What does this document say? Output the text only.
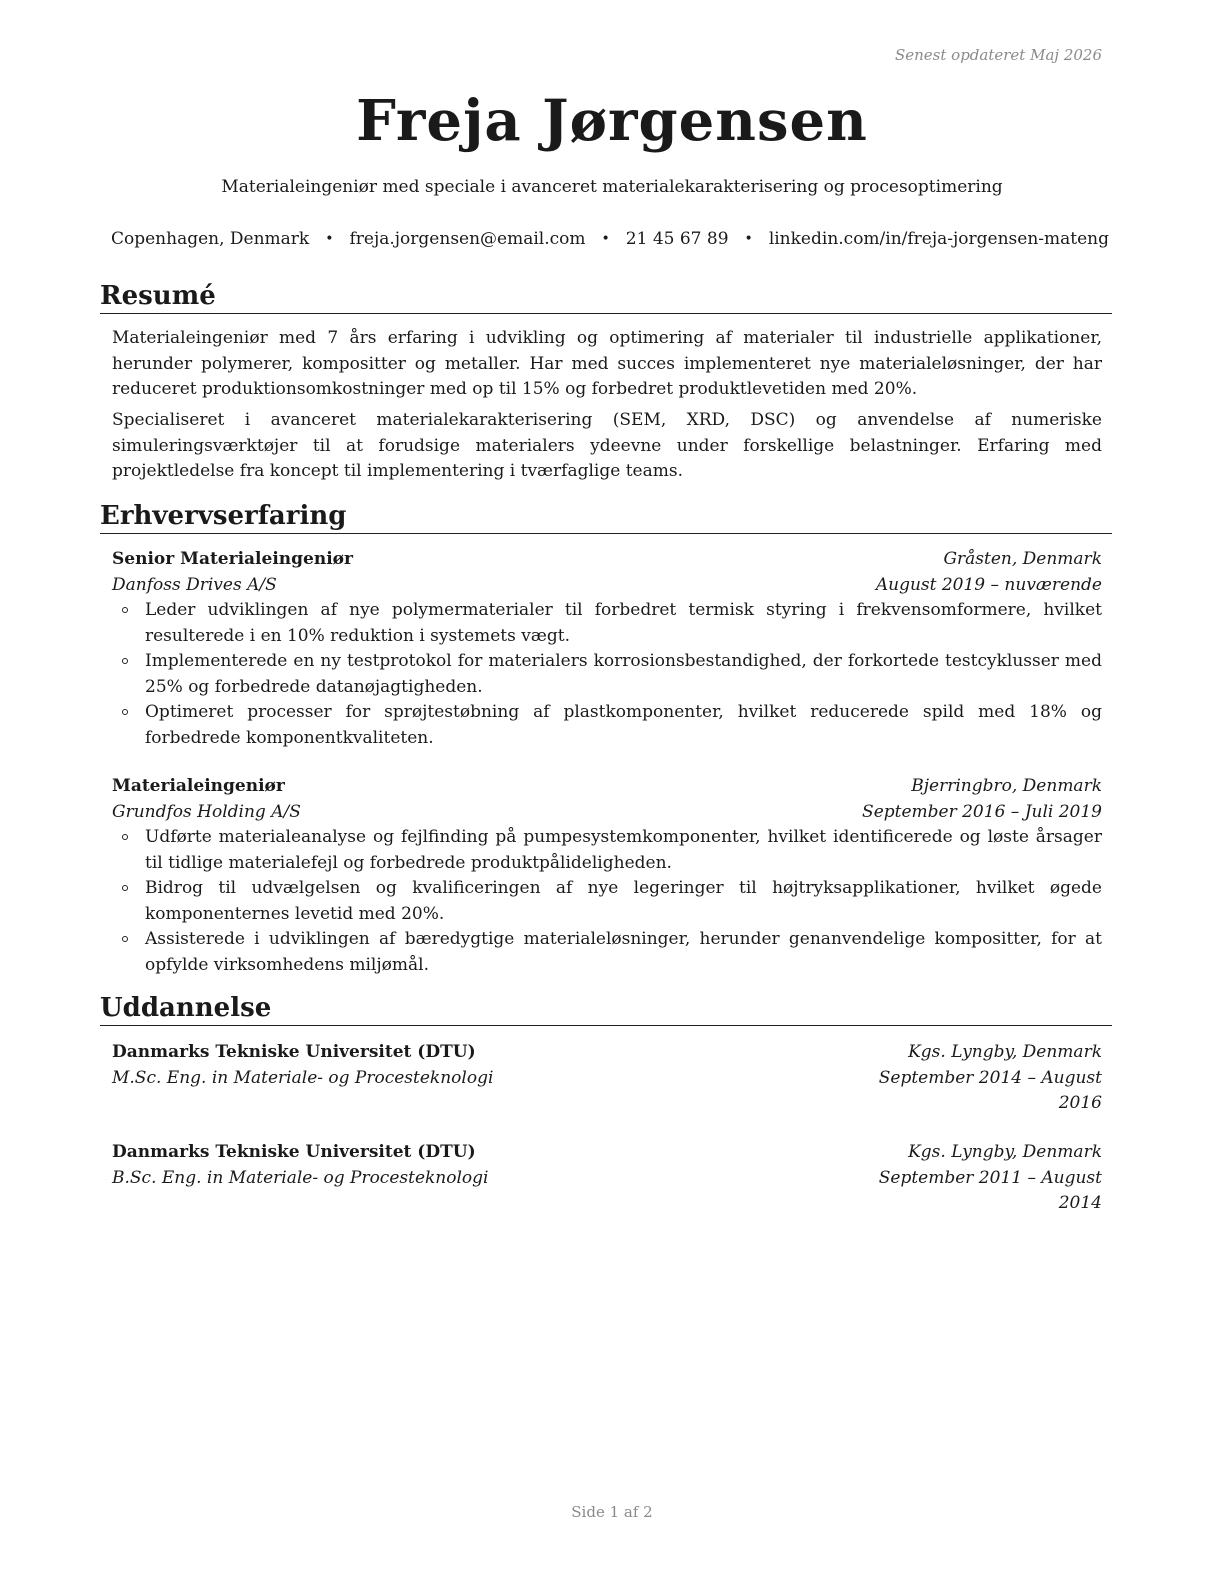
Senest opdateret Maj 2026
Freja Jørgensen
Materialeingeniør med speciale i avanceret materialekarakterisering og procesoptimering
Copenhagen, Denmark • freja.jorgensen@email.com • 21 45 67 89 • linkedin.com/in/freja-jorgensen-mateng
Resumé

Materialeingeniør med 7 års erfaring i udvikling og optimering af materialer til industrielle applikationer, herunder polymerer, kompositter og metaller. Har med succes implementeret nye materialeløsninger, der har reduceret produktionsomkostninger med op til 15% og forbedret produktlevetiden med 20%.

Specialiseret i avanceret materialekarakterisering (SEM, XRD, DSC) og anvendelse af numeriske simuleringsværktøjer til at forudsige materialers ydeevne under forskellige belastninger. Erfaring med projektledelse fra koncept til implementering i tværfaglige teams.

Erhvervserfaring
Senior Materialeingeniør	Gråsten, Denmark
Danfoss Drives A/S	August 2019 – nuværende
Leder udviklingen af nye polymermaterialer til forbedret termisk styring i frekvensomformere, hvilket resulterede i en 10% reduktion i systemets vægt.
Implementerede en ny testprotokol for materialers korrosionsbestandighed, der forkortede testcyklusser med 25% og forbedrede datanøjagtigheden.
Optimeret processer for sprøjtestøbning af plastkomponenter, hvilket reducerede spild med 18% og forbedrede komponentkvaliteten.
Materialeingeniør	Bjerringbro, Denmark
Grundfos Holding A/S	September 2016 – Juli 2019
Udførte materialeanalyse og fejlfinding på pumpesystemkomponenter, hvilket identificerede og løste årsager til tidlige materialefejl og forbedrede produktpålideligheden.
Bidrog til udvælgelsen og kvalificeringen af nye legeringer til højtryksapplikationer, hvilket øgede komponenternes levetid med 20%.
Assisterede i udviklingen af bæredygtige materialeløsninger, herunder genanvendelige kompositter, for at opfylde virksomhedens miljømål.
Uddannelse
Danmarks Tekniske Universitet (DTU)	Kgs. Lyngby, Denmark
M.Sc. Eng. in Materiale- og Procesteknologi	September 2014 – August 2016
Danmarks Tekniske Universitet (DTU)	Kgs. Lyngby, Denmark
B.Sc. Eng. in Materiale- og Procesteknologi	September 2011 – August 2014
Side 1 af 2
